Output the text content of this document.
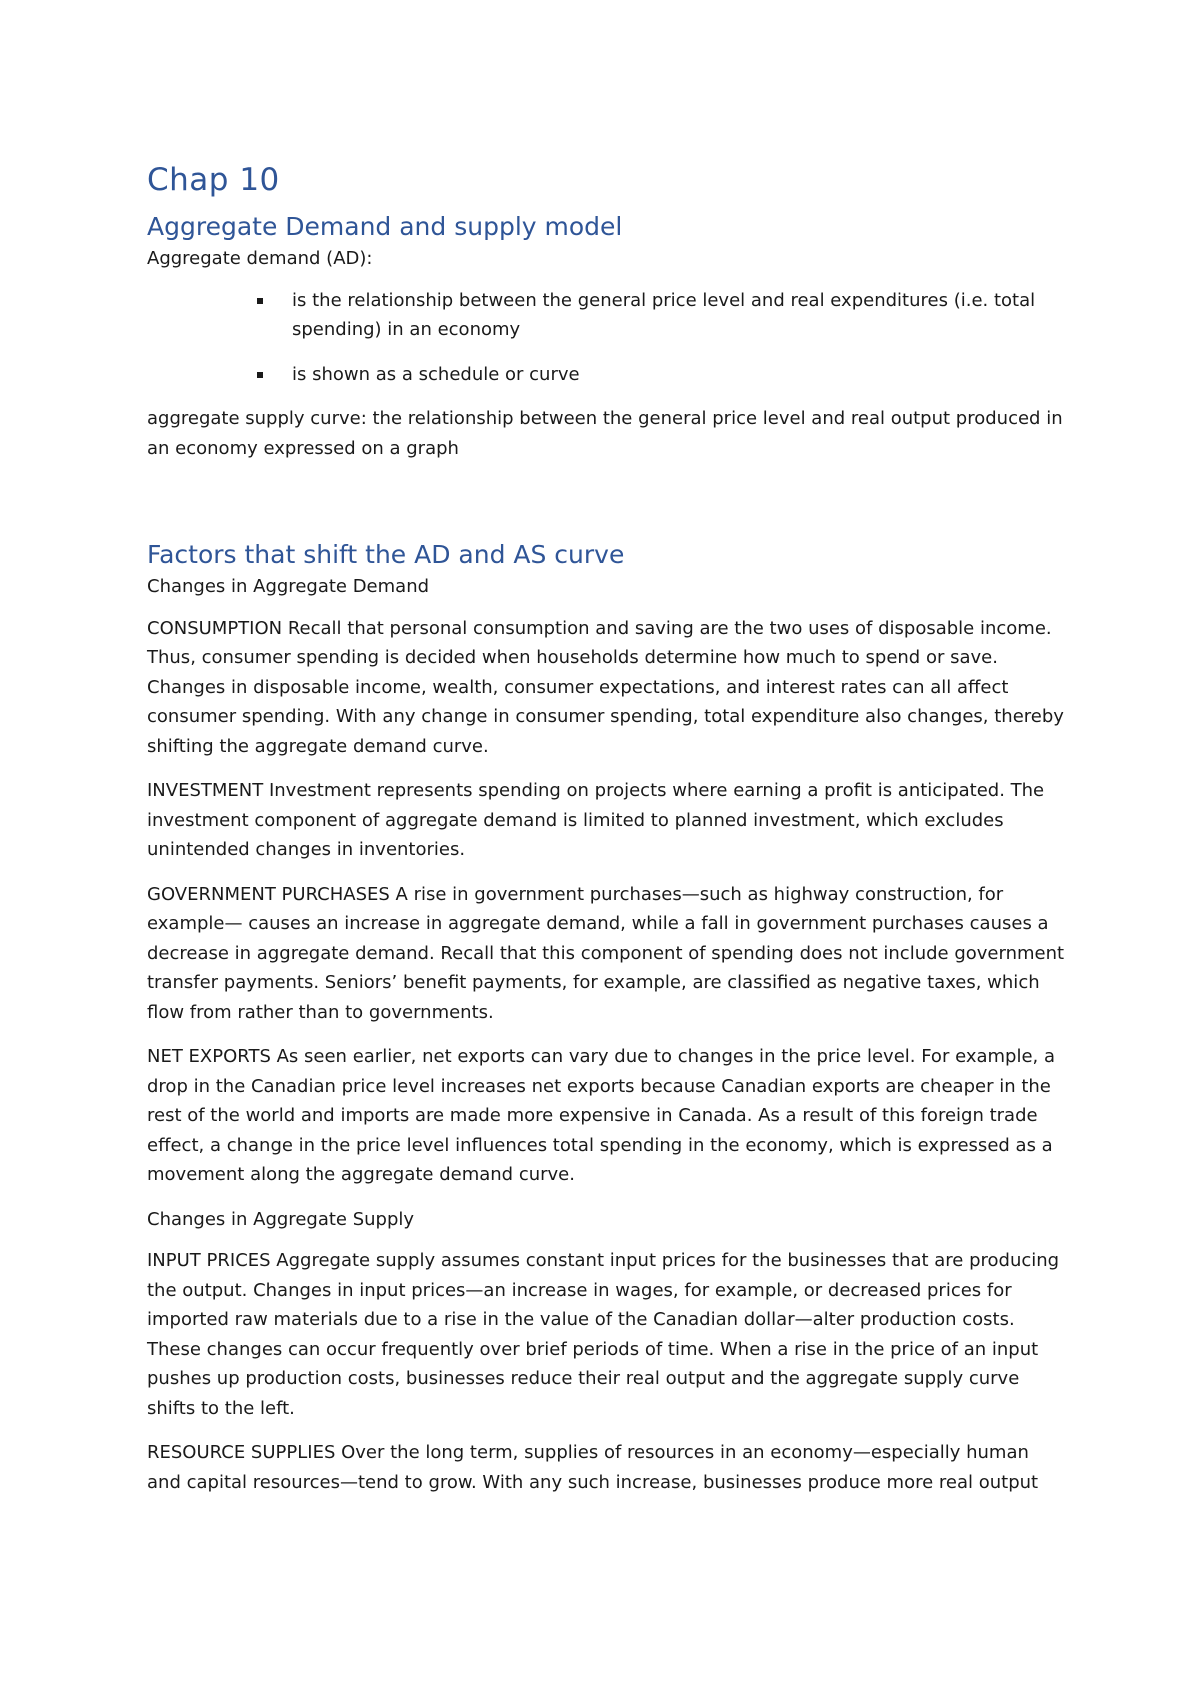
Chap 10
Aggregate Demand and supply model

Aggregate demand (AD):

is the relationship between the general price level and real expenditures (i.e. total spending) in an economy
is shown as a schedule or curve

aggregate supply curve: the relationship between the general price level and real output produced in an economy expressed on a graph

Factors that shift the AD and AS curve

Changes in Aggregate Demand

CONSUMPTION Recall that personal consumption and saving are the two uses of disposable income. Thus, consumer spending is decided when households determine how much to spend or save. Changes in disposable income, wealth, consumer expectations, and interest rates can all affect consumer spending. With any change in consumer spending, total expenditure also changes, thereby shifting the aggregate demand curve.

INVESTMENT Investment represents spending on projects where earning a profit is anticipated. The investment component of aggregate demand is limited to planned investment, which excludes unintended changes in inventories.

GOVERNMENT PURCHASES A rise in government purchases—such as highway construction, for example— causes an increase in aggregate demand, while a fall in government purchases causes a decrease in aggregate demand. Recall that this component of spending does not include government transfer payments. Seniors’ benefit payments, for example, are classified as negative taxes, which flow from rather than to governments.

NET EXPORTS As seen earlier, net exports can vary due to changes in the price level. For example, a drop in the Canadian price level increases net exports because Canadian exports are cheaper in the rest of the world and imports are made more expensive in Canada. As a result of this foreign trade effect, a change in the price level influences total spending in the economy, which is expressed as a movement along the aggregate demand curve.

Changes in Aggregate Supply

INPUT PRICES Aggregate supply assumes constant input prices for the businesses that are producing the output. Changes in input prices—an increase in wages, for example, or decreased prices for imported raw materials due to a rise in the value of the Canadian dollar—alter production costs. These changes can occur frequently over brief periods of time. When a rise in the price of an input pushes up production costs, businesses reduce their real output and the aggregate supply curve shifts to the left.

RESOURCE SUPPLIES Over the long term, supplies of resources in an economy—especially human and capital resources—tend to grow. With any such increase, businesses produce more real output
